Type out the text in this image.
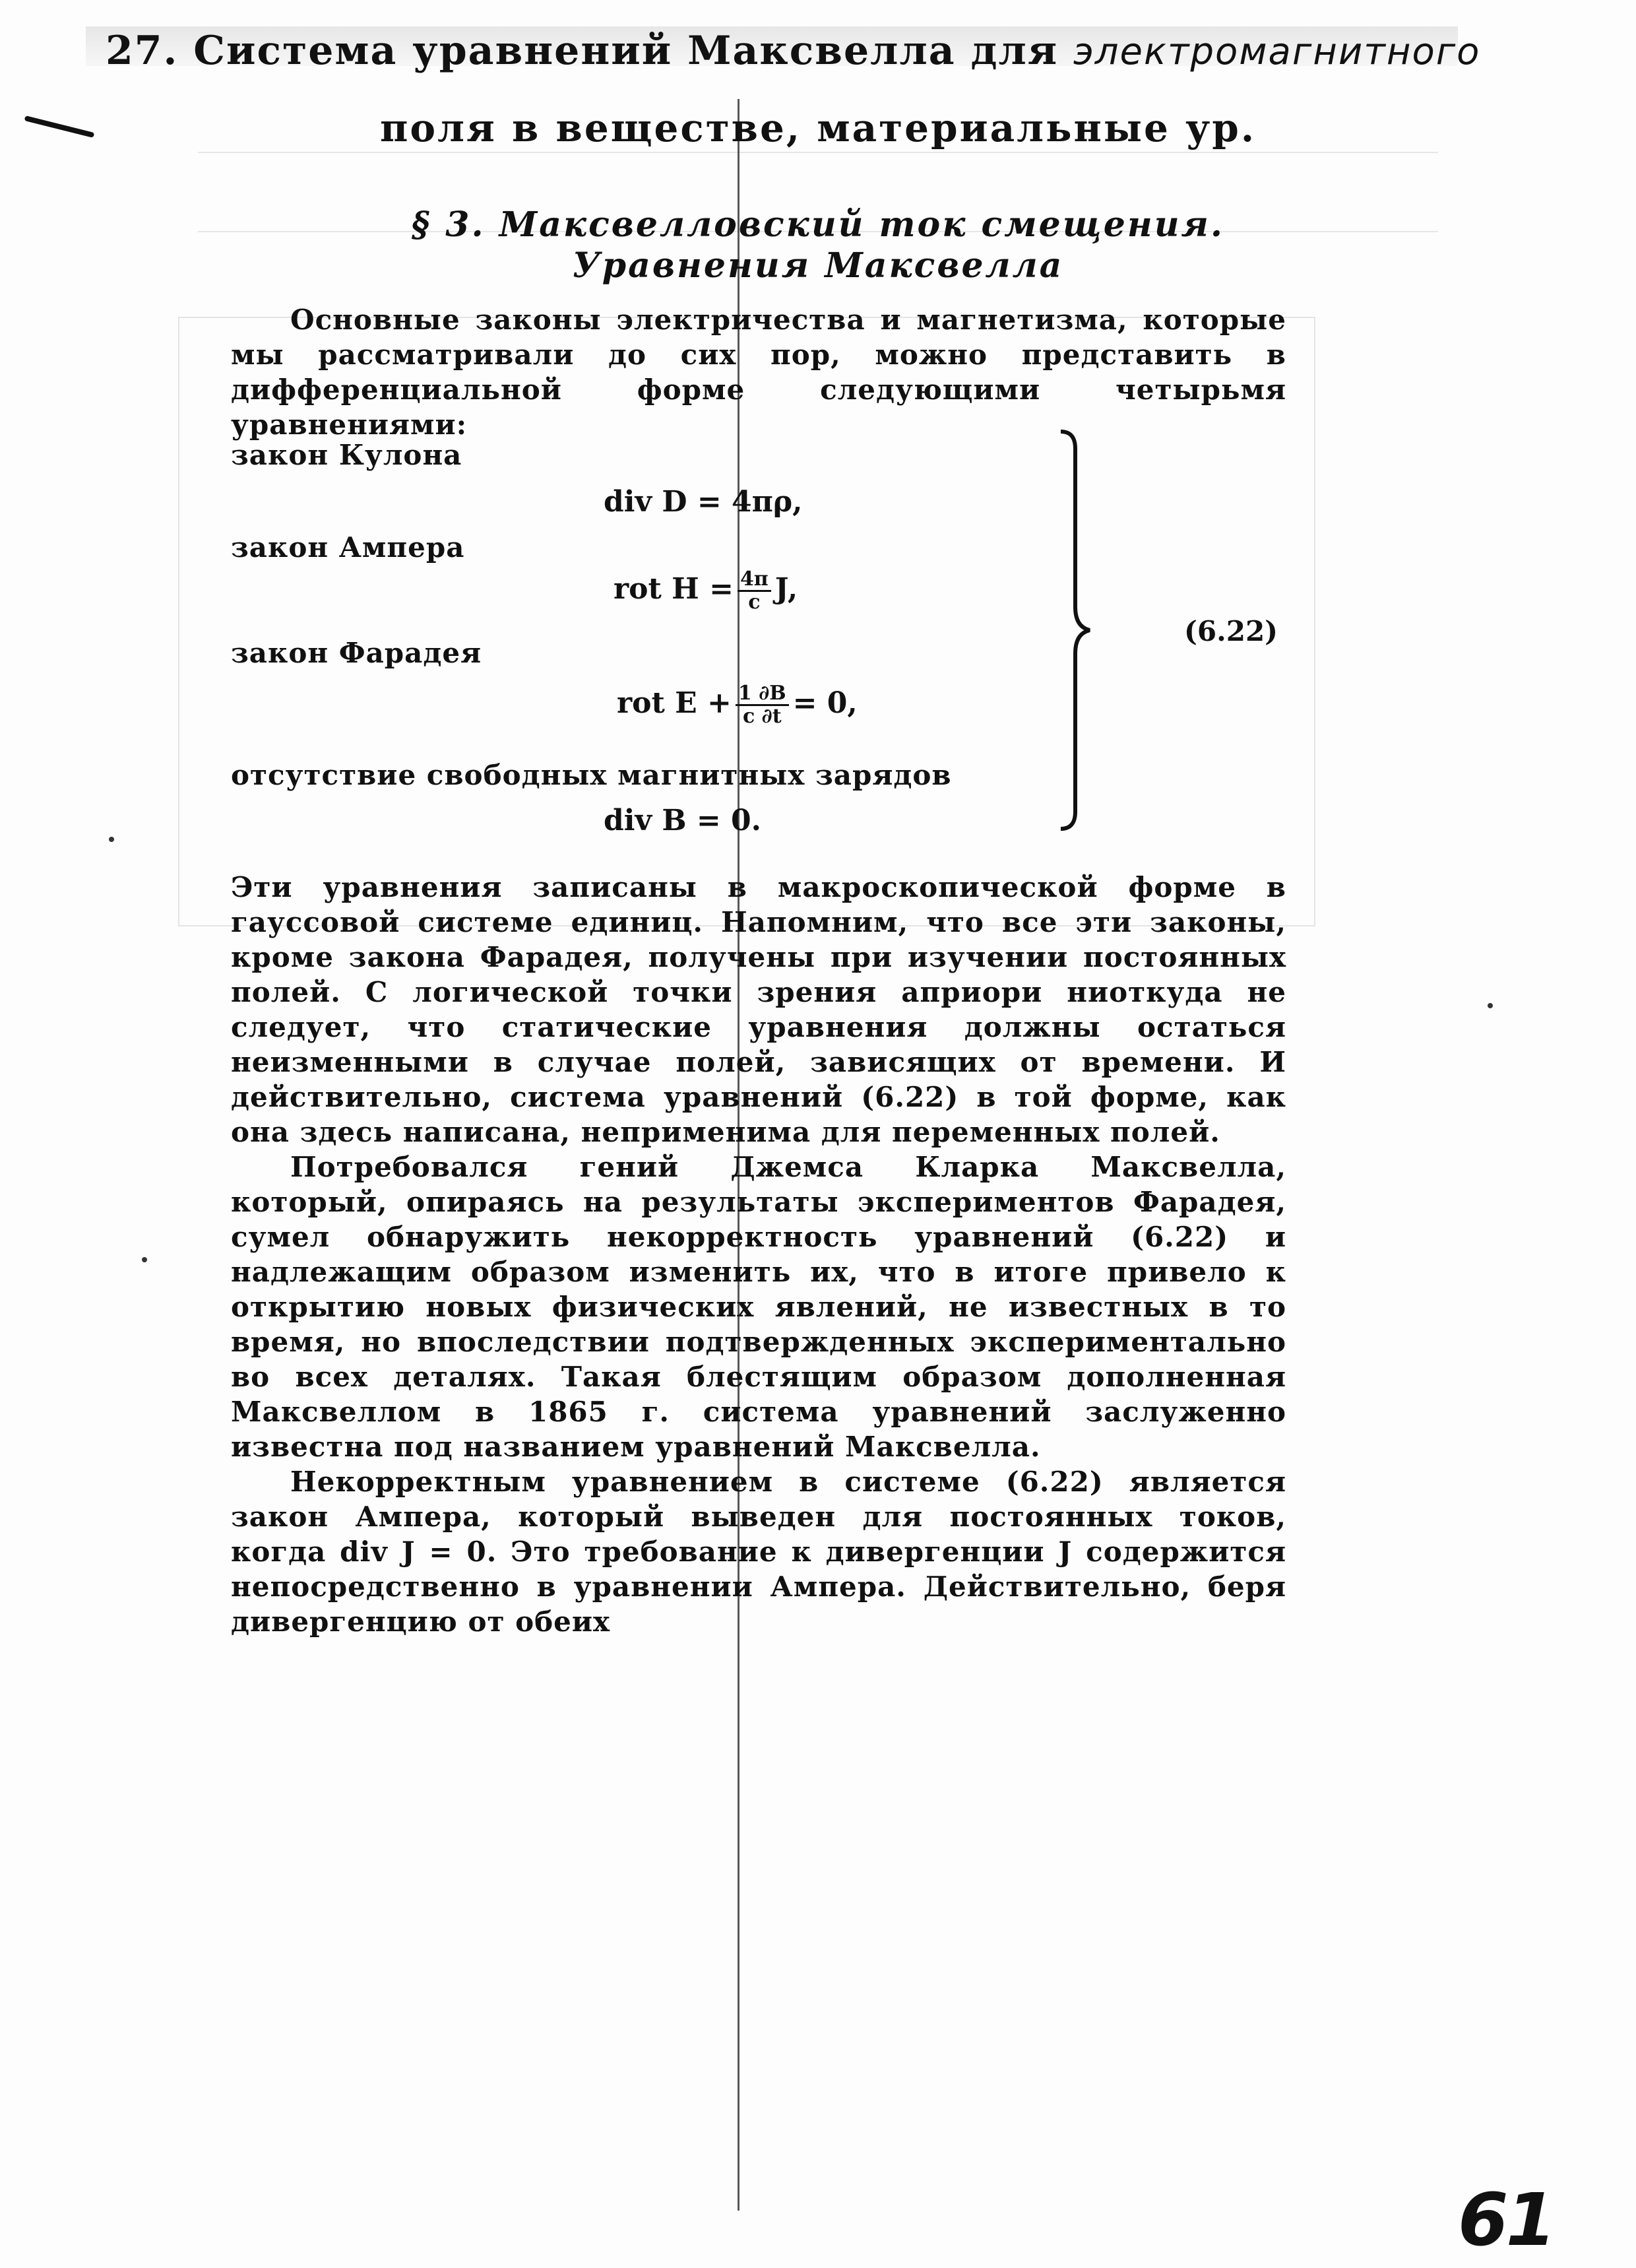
27. Система уравнений Максвелла для электромагнитного
поля в веществе, материальные ур.
§ 3. Максвелловский ток смещения.
Уравнения Максвелла

Основные законы электричества и магнетизма, которые мы рассматривали до сих пор, можно представить в дифференциальной форме следующими четырьмя уравнениями:

закон Кулона
div D = 4πρ,
закон Ампера
rot $H = \frac{4\pi}{c} J$,
закон Фарадея
rot $E + \frac{1 \partial B}{c \partial t} = 0$,
отсутствие свободных магнитных зарядов
div B = 0.
(6.22)

Эти уравнения записаны в макроскопической форме в гауссовой системе единиц. Напомним, что все эти законы, кроме закона Фарадея, получены при изучении постоянных полей. С логической точки зрения априори ниоткуда не следует, что статические уравнения должны остаться неизменными в случае полей, зависящих от времени. И действительно, система уравнений (6.22) в той форме, как она здесь написана, неприменима для переменных полей.

Потребовался гений Джемса Кларка Максвелла, который, опираясь на результаты экспериментов Фарадея, сумел обнаружить некорректность уравнений (6.22) и надлежащим образом изменить их, что в итоге привело к открытию новых физических явлений, не известных в то время, но впоследствии подтвержденных экспериментально во всех деталях. Такая блестящим образом дополненная Максвеллом в 1865 г. система уравнений заслуженно известна под названием уравнений Максвелла.

Некорректным уравнением в системе (6.22) является закон Ампера, который выведен для постоянных токов, когда div J = 0. Это требование к дивергенции J содержится непосредственно в уравнении Ампера. Действительно, беря дивергенцию от обеих

61
